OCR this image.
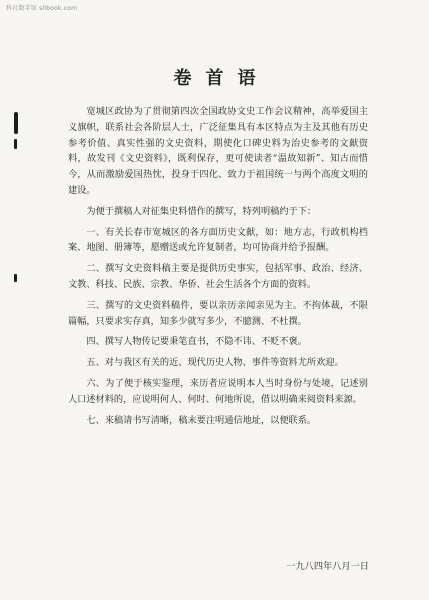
科社数字馆 slibook.com
卷首语

宽城区政协为了贯彻第四次全国政协文史工作会议精神，高举爱国主义旗帜，联系社会各阶层人士，广泛征集具有本区特点为主及其他有历史参考价值、真实性强的文史资料，期使化口碑史料为治史参考的文献资料，故发刊《文史资料》，既利保存，更可使读者“温故知新”、知古而惜今，从而激励爱国热忱，投身于四化、致力于祖国统一与两个高度文明的建设。

为便于撰稿人对征集史料惜作的撰写，特列明稿约于下：

一、有关长春市宽城区的各方面历史文献，如：地方志，行政机构档案、地图、册簿等，愿赠送或允许复制者，均可协商并给予报酬。

二、撰写文史资料稿主要是提供历史事实，包括军事、政治、经济、文教、科技、民族、宗教、华侨、社会生活各个方面的资料。

三、撰写的文史资料稿件，要以亲历亲闻亲见为主。不拘体裁，不限篇幅，只要求实存真，知多少就写多少，不臆测、不杜撰。

四、撰写人物传记要秉笔直书，不隐不讳、不贬不褒。

五、对与我区有关的近、现代历史人物、事件等资料尤所欢迎。

六、为了便于核实鉴理，来历者应说明本人当时身份与处境，记述别人口述材料的，应说明何人、何时、何地所说，借以明确来阅资料来源。

七、来稿请书写清晰，稿末要注明通信地址，以便联系。

一九八四年八月一日
